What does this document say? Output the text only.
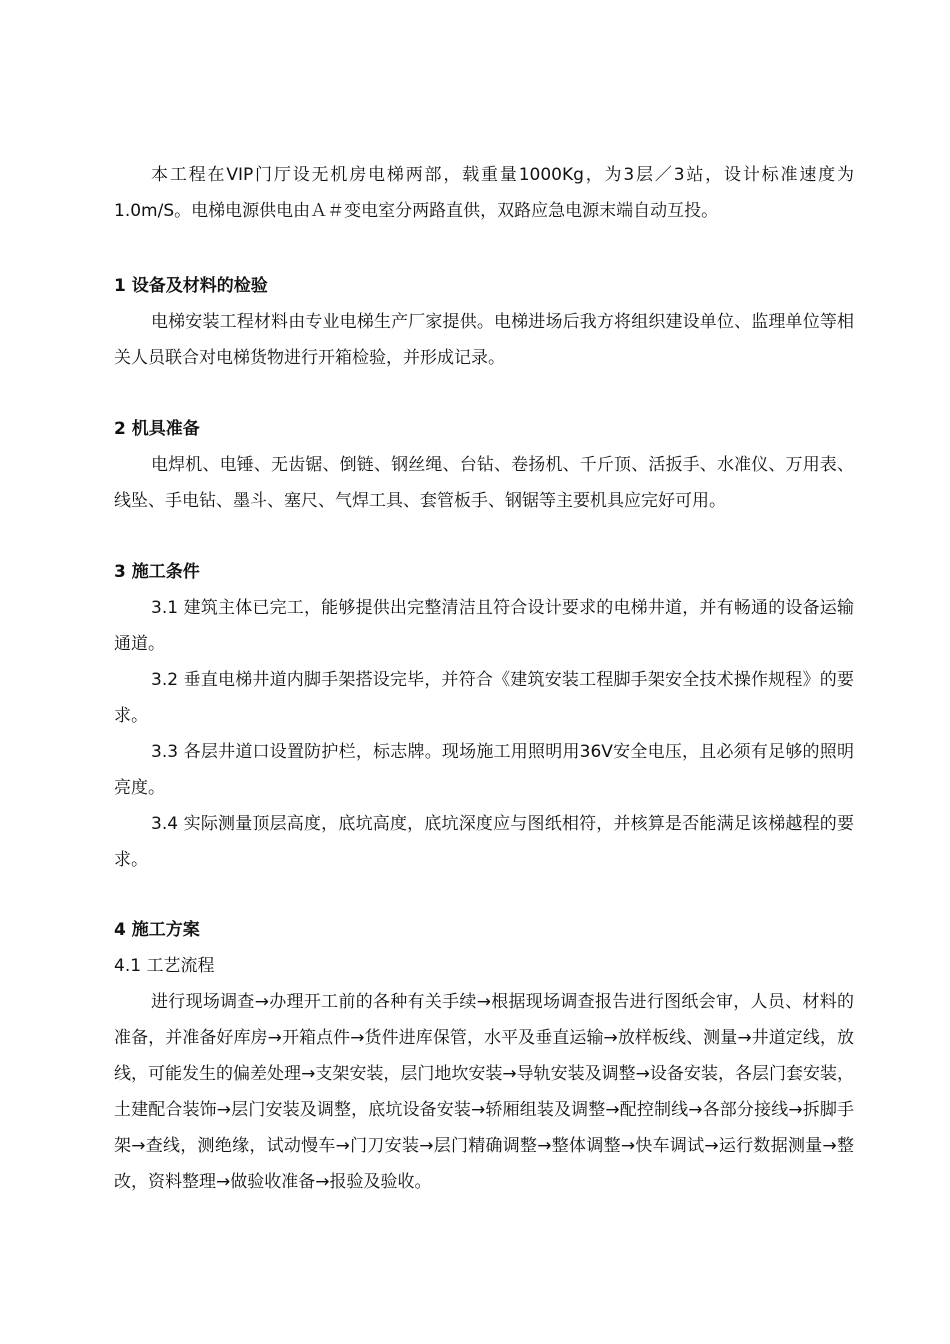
本工程在VIP门厅设无机房电梯两部，载重量1000Kg，为3层／3站，设计标准速度为1.0m/S。电梯电源供电由Ａ＃变电室分两路直供，双路应急电源末端自动互投。

1 设备及材料的检验

电梯安装工程材料由专业电梯生产厂家提供。电梯进场后我方将组织建设单位、监理单位等相关人员联合对电梯货物进行开箱检验，并形成记录。

2 机具准备

电焊机、电锤、无齿锯、倒链、钢丝绳、台钻、卷扬机、千斤顶、活扳手、水准仪、万用表、线坠、手电钻、墨斗、塞尺、气焊工具、套管板手、钢锯等主要机具应完好可用。

3 施工条件

3.1 建筑主体已完工，能够提供出完整清洁且符合设计要求的电梯井道，并有畅通的设备运输通道。

3.2 垂直电梯井道内脚手架搭设完毕，并符合《建筑安装工程脚手架安全技术操作规程》的要求。

3.3 各层井道口设置防护栏，标志牌。现场施工用照明用36V安全电压，且必须有足够的照明亮度。

3.4 实际测量顶层高度，底坑高度，底坑深度应与图纸相符，并核算是否能满足该梯越程的要求。

4 施工方案

4.1 工艺流程

进行现场调查→办理开工前的各种有关手续→根据现场调查报告进行图纸会审，人员、材料的准备，并准备好库房→开箱点件→货件进库保管，水平及垂直运输→放样板线、测量→井道定线，放线，可能发生的偏差处理→支架安装，层门地坎安装→导轨安装及调整→设备安装，各层门套安装，土建配合装饰→层门安装及调整，底坑设备安装→轿厢组装及调整→配控制线→各部分接线→拆脚手架→查线，测绝缘，试动慢车→门刀安装→层门精确调整→整体调整→快车调试→运行数据测量→整改，资料整理→做验收准备→报验及验收。
